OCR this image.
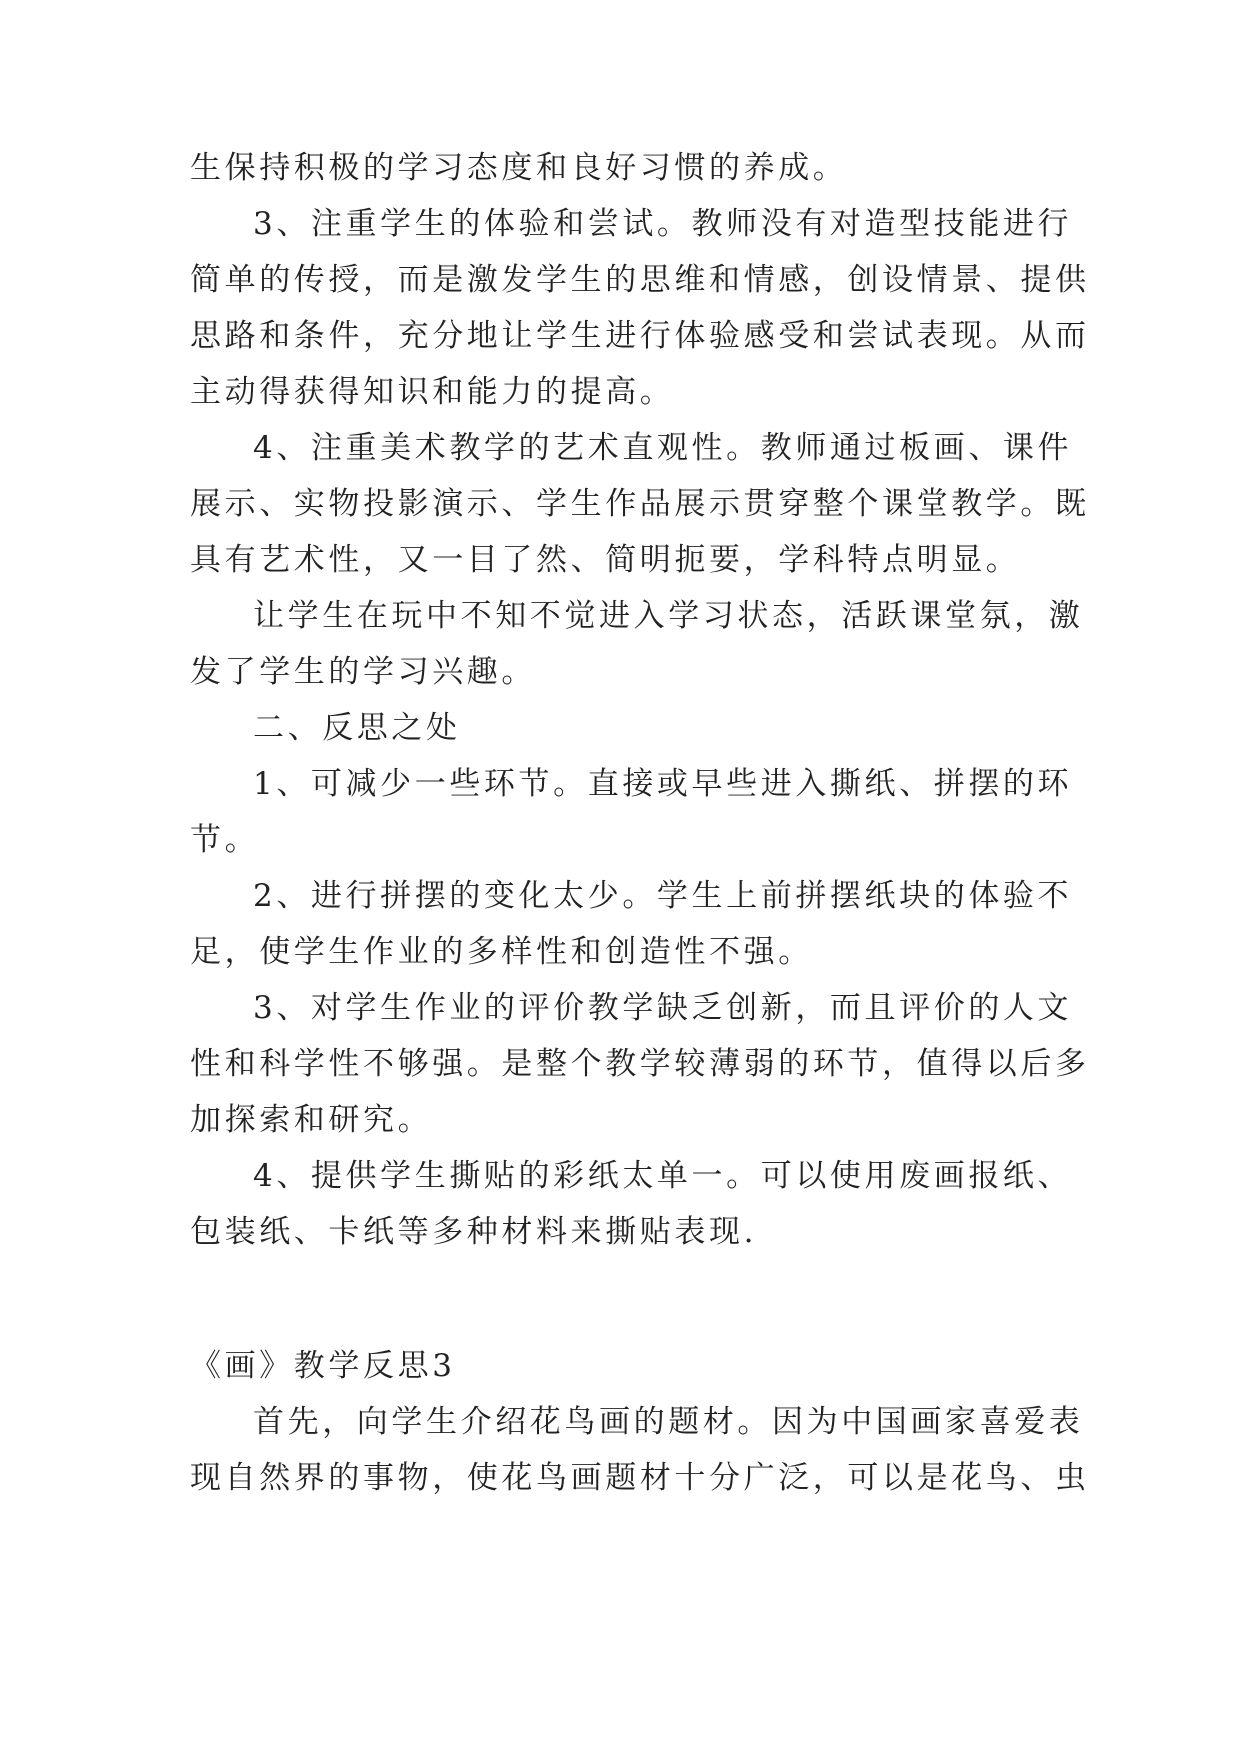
生保持积极的学习态度和良好习惯的养成。
3、注重学生的体验和尝试。教师没有对造型技能进行
简单的传授，而是激发学生的思维和情感，创设情景、提供
思路和条件，充分地让学生进行体验感受和尝试表现。从而
主动得获得知识和能力的提高。
4、注重美术教学的艺术直观性。教师通过板画、课件
展示、实物投影演示、学生作品展示贯穿整个课堂教学。既
具有艺术性，又一目了然、简明扼要，学科特点明显。
让学生在玩中不知不觉进入学习状态，活跃课堂氛，激
发了学生的学习兴趣。
二、反思之处
1、可减少一些环节。直接或早些进入撕纸、拼摆的环
节。
2、进行拼摆的变化太少。学生上前拼摆纸块的体验不
足，使学生作业的多样性和创造性不强。
3、对学生作业的评价教学缺乏创新，而且评价的人文
性和科学性不够强。是整个教学较薄弱的环节，值得以后多
加探索和研究。
4、提供学生撕贴的彩纸太单一。可以使用废画报纸、
包装纸、卡纸等多种材料来撕贴表现.
《画》教学反思3
首先，向学生介绍花鸟画的题材。因为中国画家喜爱表
现自然界的事物，使花鸟画题材十分广泛，可以是花鸟、虫
